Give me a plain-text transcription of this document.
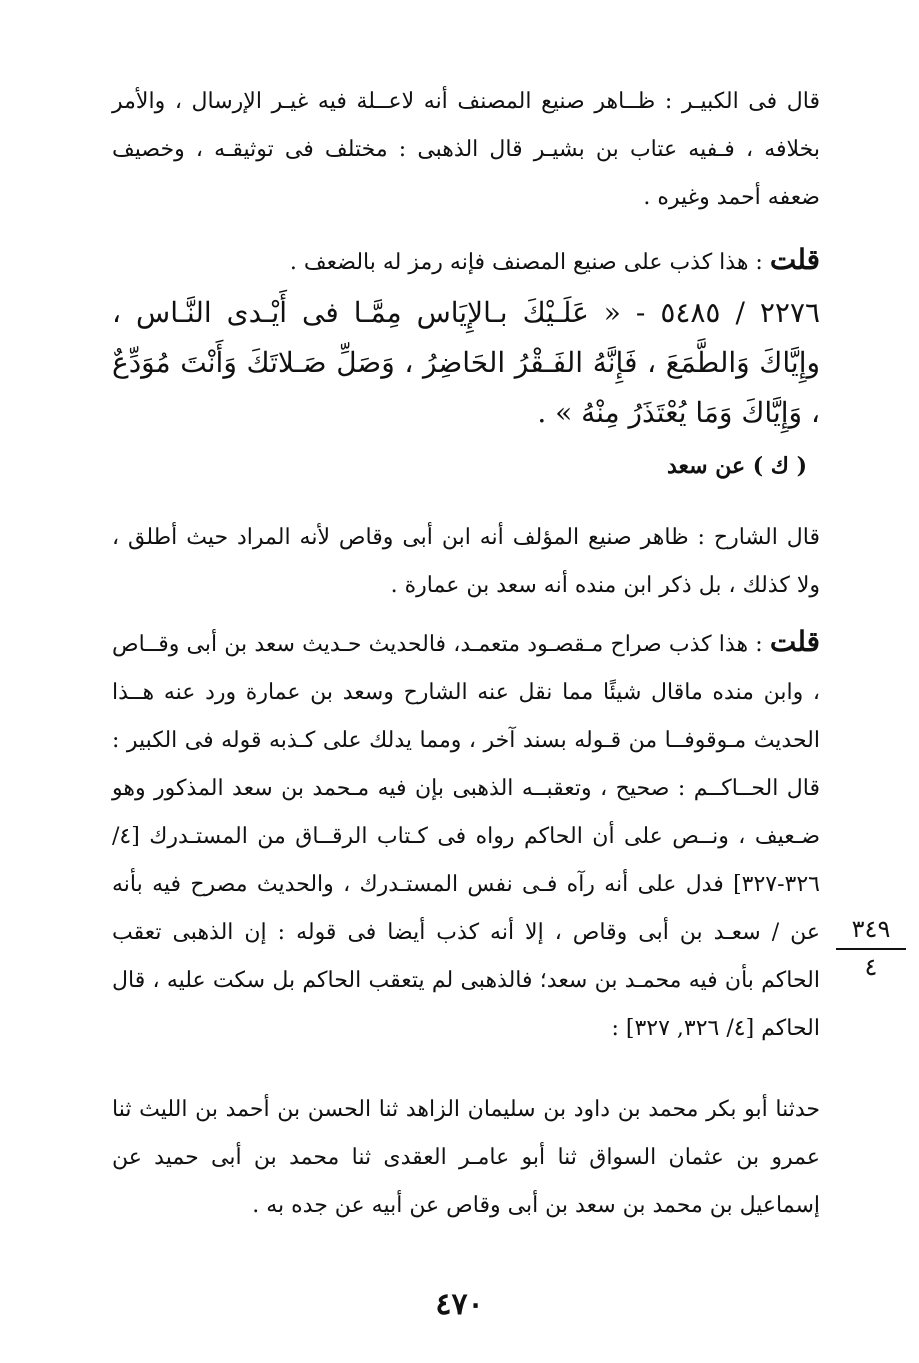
قال فى الكبيـر : ظــاهر صنيع المصنف أنه لاعــلة فيه غيـر الإرسال ، والأمر بخلافه ، فـفيه عتاب بن بشيـر قال الذهبى : مختلف فى توثيقـه ، وخصيف ضعفه أحمد وغيره .

قلت : هذا كذب على صنيع المصنف فإنه رمز له بالضعف .

٢٢٧٦ / ٥٤٨٥ - « عَلَـيْكَ بـالإِيَاس مِمَّـا فى أَيْـدى النَّـاس ، وإِيَّاكَ وَالطَّمَعَ ، فَإِنَّهُ الفَـقْرُ الحَاضِرُ ، وَصَلِّ صَـلاتَكَ وَأَنْتَ مُوَدِّعٌ ، وَإِيَّاكَ وَمَا يُعْتَذَرُ مِنْهُ » .

( ك ) عن سعد

قال الشارح : ظاهر صنيع المؤلف أنه ابن أبى وقاص لأنه المراد حيث أطلق ، ولا كذلك ، بل ذكر ابن منده أنه سعد بن عمارة .

قلت : هذا كذب صراح مـقصـود متعمـد، فالحديث حـديث سعد بن أبى وقــاص ، وابن منده ماقال شيئًا مما نقل عنه الشارح وسعد بن عمارة ورد عنه هــذا الحديث مـوقوفــا من قـوله بسند آخر ، ومما يدلك على كـذبه قوله فى الكبير : قال الحــاكــم : صحيح ، وتعقبــه الذهبى بإن فيه مـحمد بن سعد المذكور وهو ضـعيف ، ونــص على أن الحاكم رواه فى كـتاب الرقــاق من المستـدرك [٤/ ٣٢٦-٣٢٧] فدل على أنه رآه فـى نفس المستـدرك ، والحديث مصرح فيه بأنه عن / سعـد بن أبى وقاص ، إلا أنه كذب أيضا فى قوله : إن الذهبى تعقب الحاكم بأن فيه محمـد بن سعد؛ فالذهبى لم يتعقب الحاكم بل سكت عليه ، قال الحاكم [٤/ ٣٢٦, ٣٢٧] :

حدثنا أبو بكر محمد بن داود بن سليمان الزاهد ثنا الحسن بن أحمد بن الليث ثنا عمرو بن عثمان السواق ثنا أبو عامـر العقدى ثنا محمد بن أبى حميد عن إسماعيل بن محمد بن سعد بن أبى وقاص عن أبيه عن جده به .

٣٤٩
٤
٤٧٠
